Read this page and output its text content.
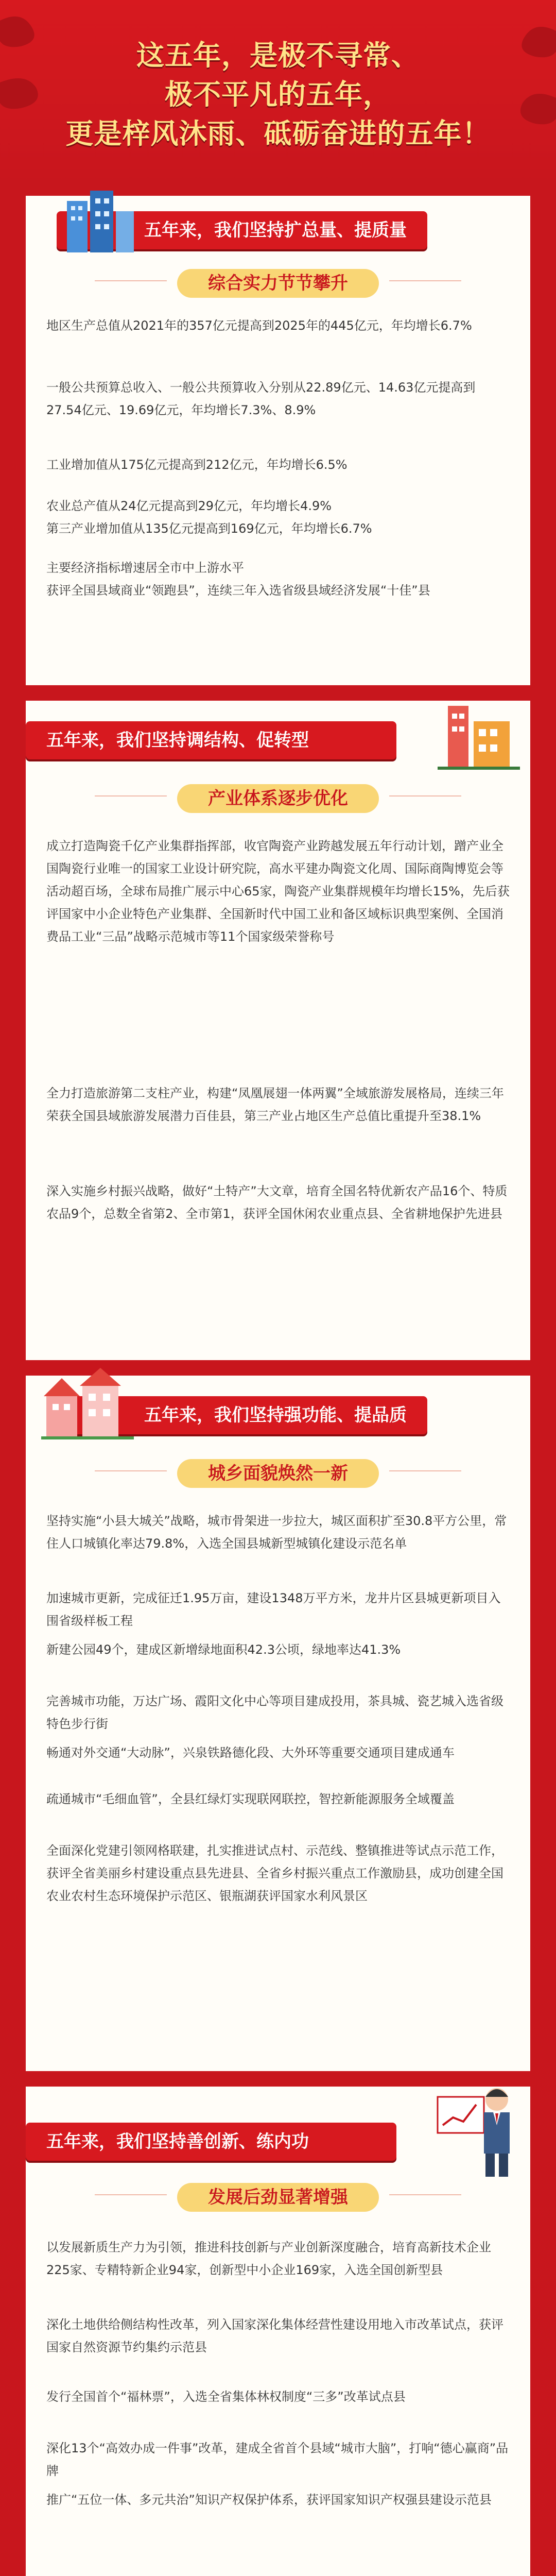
这五年，是极不寻常、
极不平凡的五年，
更是梓风沐雨、砥砺奋进的五年！
五年来，我们坚持扩总量、提质量
综合实力节节攀升

地区生产总值从2021年的357亿元提高到2025年的445亿元，年均增长6.7%

一般公共预算总收入、一般公共预算收入分别从22.89亿元、14.63亿元提高到27.54亿元、19.69亿元，年均增长7.3%、8.9%

工业增加值从175亿元提高到212亿元，年均增长6.5%

农业总产值从24亿元提高到29亿元，年均增长4.9%

第三产业增加值从135亿元提高到169亿元，年均增长6.7%

主要经济指标增速居全市中上游水平

获评全国县域商业“领跑县”，连续三年入选省级县域经济发展“十佳”县

五年来，我们坚持调结构、促转型
产业体系逐步优化

成立打造陶瓷千亿产业集群指挥部，收官陶瓷产业跨越发展五年行动计划，蹭产业全国陶瓷行业唯一的国家工业设计研究院，高水平建办陶瓷文化周、国际商陶博览会等活动超百场，全球布局推广展示中心65家，陶瓷产业集群规模年均增长15%，先后获评国家中小企业特色产业集群、全国新时代中国工业和备区域标识典型案例、全国消费品工业“三品”战略示范城市等11个国家级荣誉称号

全力打造旅游第二支柱产业，构建“凤凰展翅一体两翼”全域旅游发展格局，连续三年荣获全国县域旅游发展潜力百佳县，第三产业占地区生产总值比重提升至38.1%

深入实施乡村振兴战略，做好“土特产”大文章，培育全国名特优新农产品16个、特质农品9个，总数全省第2、全市第1，获评全国休闲农业重点县、全省耕地保护先进县

五年来，我们坚持强功能、提品质
城乡面貌焕然一新

坚持实施“小县大城关”战略，城市骨架进一步拉大，城区面积扩至30.8平方公里，常住人口城镇化率达79.8%，入选全国县城新型城镇化建设示范名单

加速城市更新，完成征迁1.95万亩，建设1348万平方米，龙井片区县城更新项目入围省级样板工程

新建公园49个，建成区新增绿地面积42.3公顷，绿地率达41.3%

完善城市功能，万达广场、霞阳文化中心等项目建成投用，茶具城、瓷艺城入选省级特色步行街

畅通对外交通“大动脉”，兴泉铁路德化段、大外环等重要交通项目建成通车

疏通城市“毛细血管”，全县红绿灯实现联网联控，智控新能源服务全域覆盖

全面深化党建引领网格联建，扎实推进试点村、示范线、整镇推进等试点示范工作，获评全省美丽乡村建设重点县先进县、全省乡村振兴重点工作激励县，成功创建全国农业农村生态环境保护示范区、银瓶湖获评国家水利风景区

五年来，我们坚持善创新、练内功
发展后劲显著增强

以发展新质生产力为引领，推进科技创新与产业创新深度融合，培育高新技术企业225家、专精特新企业94家，创新型中小企业169家，入选全国创新型县

深化土地供给侧结构性改革，列入国家深化集体经营性建设用地入市改革试点，获评国家自然资源节约集约示范县

发行全国首个“福林票”，入选全省集体林权制度“三多”改革试点县

深化13个“高效办成一件事”改革，建成全省首个县域“城市大脑”，打响“德心赢商”品牌

推广“五位一体、多元共治”知识产权保护体系，获评国家知识产权强县建设示范县
